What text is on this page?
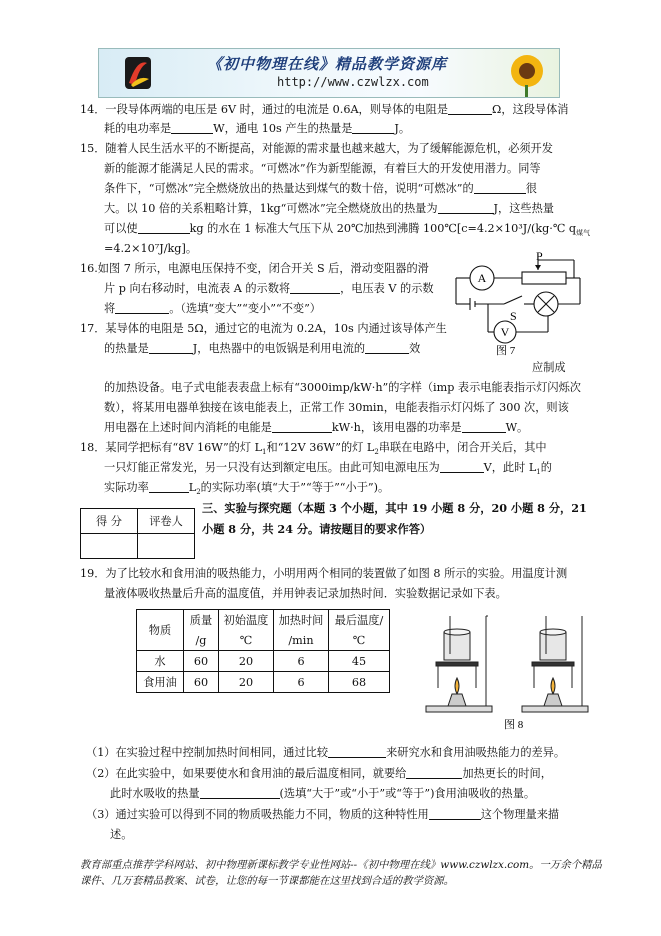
《初中物理在线》精品教学资源库
http://www.czwlzx.com
14．一段导体两端的电压是 6V 时，通过的电流是 0.6A，则导体的电阻是	Ω，这段导体消
耗的电功率是	W，通电 10s 产生的热量是	J。
15．随着人民生活水平的不断提高，对能源的需求量也越来越大，为了缓解能源危机，必须开发
新的能源才能满足人民的需求。“可燃冰”作为新型能源，有着巨大的开发使用潜力。同等
条件下，“可燃冰”完全燃烧放出的热量达到煤气的数十倍，说明“可燃冰”的	很
大。以 10 倍的关系粗略计算，1kg“可燃冰”完全燃烧放出的热量为	J，这些热量
可以使	kg 的水在 1 标准大气压下从 20℃加热到沸腾 100℃[c=4.2×10³J/(kg·℃ $q_{煤气}$
=4.2×10⁷J/kg]。
16.如图 7 所示，电源电压保持不变，闭合开关 S 后，滑动变阻器的滑
片 p 向右移动时，电流表 A 的示数将	，电压表 V 的示数
将	。（选填“变大”“变小”“不变”）
A
P
S
V
图 7
17．某导体的电阻是 5Ω，通过它的电流为 0.2A，10s 内通过该导体产生
的热量是	J，电热器中的电饭锅是利用电流的	效
应制成
的加热设备。电子式电能表表盘上标有“3000imp/kW·h”的字样（imp 表示电能表指示灯闪烁次
数），将某用电器单独接在该电能表上，正常工作 30min，电能表指示灯闪烁了 300 次，则该
用电器在上述时间内消耗的电能是	kW·h，该用电器的功率是	W。
18．某同学把标有“8V 16W”的灯 $L_1$和“12V 36W”的灯 $L_2$串联在电路中，闭合开关后，其中
一只灯能正常发光，另一只没有达到额定电压。由此可知电源电压为	V，此时 $L_1$的
实际功率	$L_2$的实际功率(填“大于”“等于”“小于”)。
得 分	评卷人

三、实验与探究题（本题 3 个小题，其中 19 小题 8 分，20 小题 8 分，21
小题 8 分，共 24 分。请按题目的要求作答）
19．为了比较水和食用油的吸热能力，小明用两个相同的装置做了如图 8 所示的实验。用温度计测
量液体吸收热量后升高的温度值，并用钟表记录加热时间．实验数据记录如下表。
物质	质量	初始温度	加热时间	最后温度/
	/g	℃	/min	℃
水	60	20	6	45
食用油	60	20	6	68
图 8
（1）在实验过程中控制加热时间相同，通过比较	来研究水和食用油吸热能力的差异。
（2）在此实验中，如果要使水和食用油的最后温度相同，就要给	加热更长的时间，
此时水吸收的热量	(选填“大于”或“小于”或“等于”)食用油吸收的热量。
（3）通过实验可以得到不同的物质吸热能力不同，物质的这种特性用	这个物理量来描
述。
教育部重点推荐学科网站、初中物理新课标教学专业性网站--《初中物理在线》www.czwlzx.com。一万余个精品
课件、几万套精品教案、试卷，让您的每一节课都能在这里找到合适的教学资源。
